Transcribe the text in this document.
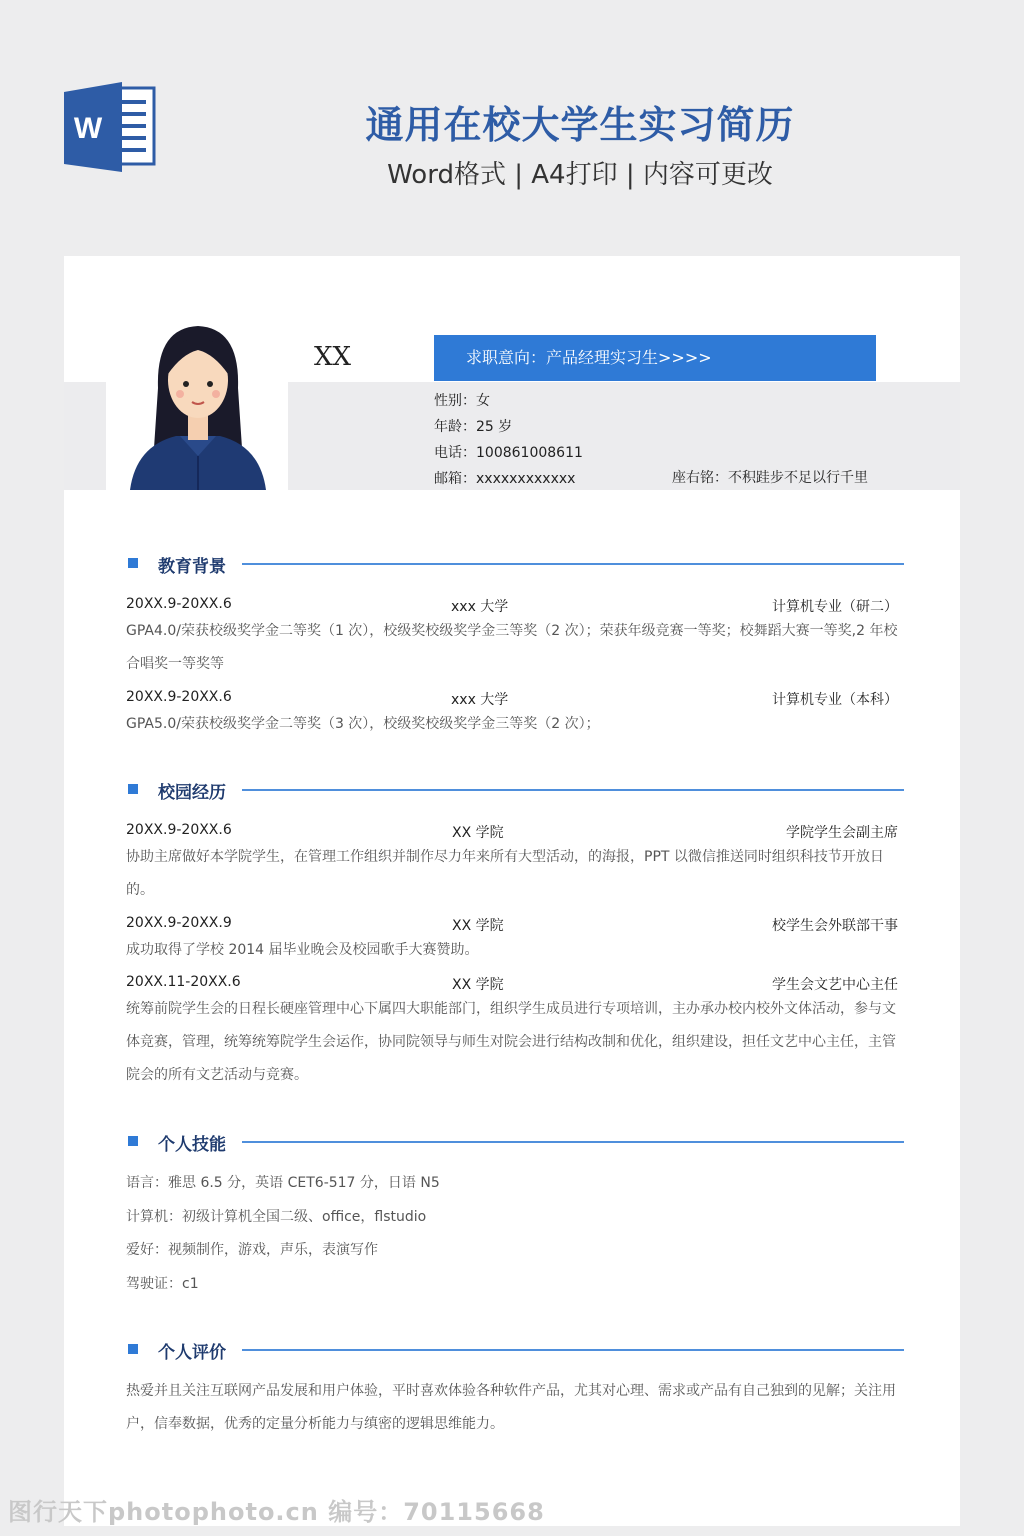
W	通用在校大学生实习简历
Word格式 | A4打印 | 内容可更改
XX	求职意向：产品经理实习生>>>>
性别：女
年龄：25 岁
电话：100861008611
邮箱：xxxxxxxxxxxx	座右铭：不积跬步不足以行千里
教育背景
20XX.9-20XX.6	xxx 大学	计算机专业（研二）
GPA4.0/荣获校级奖学金二等奖（1 次），校级奖校级奖学金三等奖（2 次）；荣获年级竞赛一等奖；校舞蹈大赛一等奖,2 年校合唱奖一等奖等
20XX.9-20XX.6	xxx 大学	计算机专业（本科）
GPA5.0/荣获校级奖学金二等奖（3 次），校级奖校级奖学金三等奖（2 次）；
校园经历
20XX.9-20XX.6	XX 学院	学院学生会副主席
协助主席做好本学院学生，在管理工作组织并制作尽力年来所有大型活动，的海报，PPT 以微信推送同时组织科技节开放日的。
20XX.9-20XX.9	XX 学院	校学生会外联部干事
成功取得了学校 2014 届毕业晚会及校园歌手大赛赞助。
20XX.11-20XX.6	XX 学院	学生会文艺中心主任
统筹前院学生会的日程长硬座管理中心下属四大职能部门，组织学生成员进行专项培训，主办承办校内校外文体活动，参与文体竞赛，管理，统筹统筹院学生会运作，协同院领导与师生对院会进行结构改制和优化，组织建设，担任文艺中心主任，主管院会的所有文艺活动与竞赛。
个人技能
语言：雅思 6.5 分，英语 CET6-517 分，日语 N5
计算机：初级计算机全国二级、office，flstudio
爱好：视频制作，游戏，声乐，表演写作
驾驶证：c1
个人评价
热爱并且关注互联网产品发展和用户体验，平时喜欢体验各种软件产品，尤其对心理、需求或产品有自己独到的见解；关注用户，信奉数据，优秀的定量分析能力与缜密的逻辑思维能力。
图行天下photophoto.cn 编号：70115668
